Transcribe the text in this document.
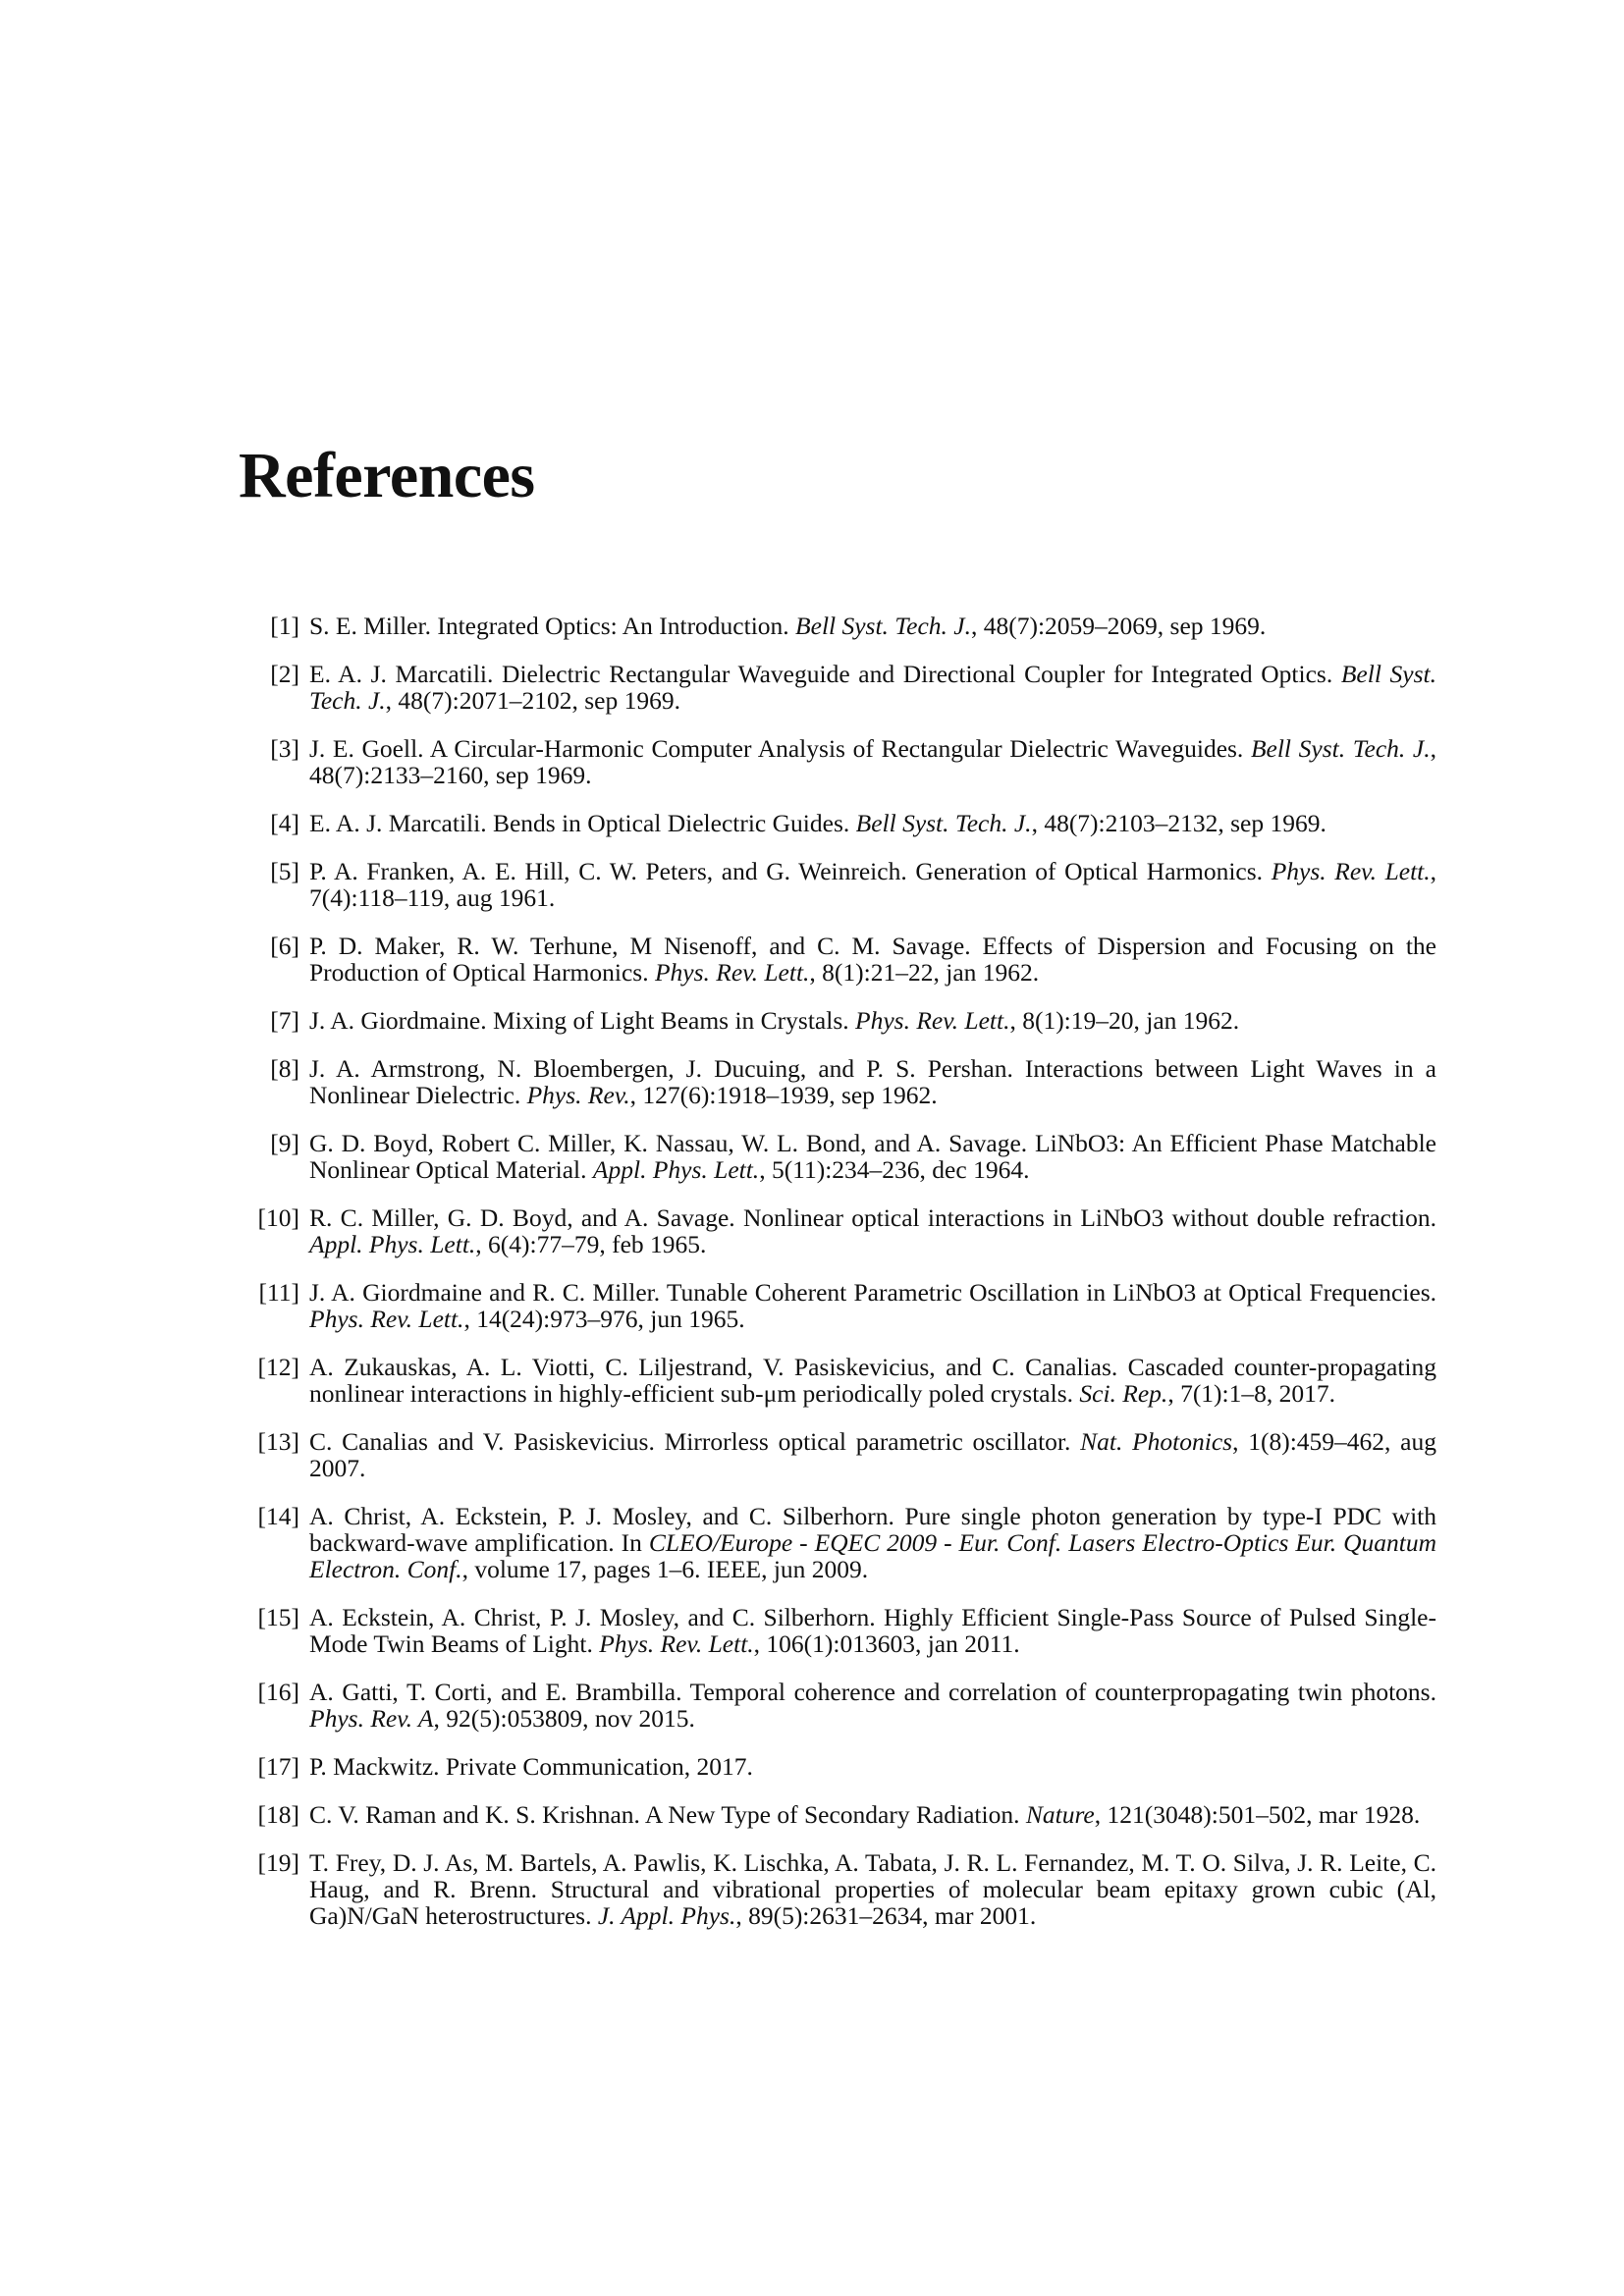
References
[1] S. E. Miller. Integrated Optics: An Introduction. Bell Syst. Tech. J., 48(7):2059–2069, sep 1969.
[2] E. A. J. Marcatili. Dielectric Rectangular Waveguide and Directional Coupler for Integrated Optics. Bell Syst. Tech. J., 48(7):2071–2102, sep 1969.
[3] J. E. Goell. A Circular-Harmonic Computer Analysis of Rectangular Dielectric Waveguides. Bell Syst. Tech. J., 48(7):2133–2160, sep 1969.
[4] E. A. J. Marcatili. Bends in Optical Dielectric Guides. Bell Syst. Tech. J., 48(7):2103–2132, sep 1969.
[5] P. A. Franken, A. E. Hill, C. W. Peters, and G. Weinreich. Generation of Optical Harmonics. Phys. Rev. Lett., 7(4):118–119, aug 1961.
[6] P. D. Maker, R. W. Terhune, M Nisenoff, and C. M. Savage. Effects of Dispersion and Focusing on the Production of Optical Harmonics. Phys. Rev. Lett., 8(1):21–22, jan 1962.
[7] J. A. Giordmaine. Mixing of Light Beams in Crystals. Phys. Rev. Lett., 8(1):19–20, jan 1962.
[8] J. A. Armstrong, N. Bloembergen, J. Ducuing, and P. S. Pershan. Interactions between Light Waves in a Nonlinear Dielectric. Phys. Rev., 127(6):1918–1939, sep 1962.
[9] G. D. Boyd, Robert C. Miller, K. Nassau, W. L. Bond, and A. Savage. LiNbO3: An Efficient Phase Matchable Nonlinear Optical Material. Appl. Phys. Lett., 5(11):234–236, dec 1964.
[10] R. C. Miller, G. D. Boyd, and A. Savage. Nonlinear optical interactions in LiNbO3 without double refraction. Appl. Phys. Lett., 6(4):77–79, feb 1965.
[11] J. A. Giordmaine and R. C. Miller. Tunable Coherent Parametric Oscillation in LiNbO3 at Optical Frequencies. Phys. Rev. Lett., 14(24):973–976, jun 1965.
[12] A. Zukauskas, A. L. Viotti, C. Liljestrand, V. Pasiskevicius, and C. Canalias. Cascaded counter-propagating nonlinear interactions in highly-efficient sub-μm periodically poled crystals. Sci. Rep., 7(1):1–8, 2017.
[13] C. Canalias and V. Pasiskevicius. Mirrorless optical parametric oscillator. Nat. Photonics, 1(8):459–462, aug 2007.
[14] A. Christ, A. Eckstein, P. J. Mosley, and C. Silberhorn. Pure single photon generation by type-I PDC with backward-wave amplification. In CLEO/Europe - EQEC 2009 - Eur. Conf. Lasers Electro-Optics Eur. Quantum Electron. Conf., volume 17, pages 1–6. IEEE, jun 2009.
[15] A. Eckstein, A. Christ, P. J. Mosley, and C. Silberhorn. Highly Efficient Single-Pass Source of Pulsed Single-Mode Twin Beams of Light. Phys. Rev. Lett., 106(1):013603, jan 2011.
[16] A. Gatti, T. Corti, and E. Brambilla. Temporal coherence and correlation of counterpropagating twin photons. Phys. Rev. A, 92(5):053809, nov 2015.
[17] P. Mackwitz. Private Communication, 2017.
[18] C. V. Raman and K. S. Krishnan. A New Type of Secondary Radiation. Nature, 121(3048):501–502, mar 1928.
[19] T. Frey, D. J. As, M. Bartels, A. Pawlis, K. Lischka, A. Tabata, J. R. L. Fernandez, M. T. O. Silva, J. R. Leite, C. Haug, and R. Brenn. Structural and vibrational properties of molecular beam epitaxy grown cubic (Al, Ga)N/GaN heterostructures. J. Appl. Phys., 89(5):2631–2634, mar 2001.
